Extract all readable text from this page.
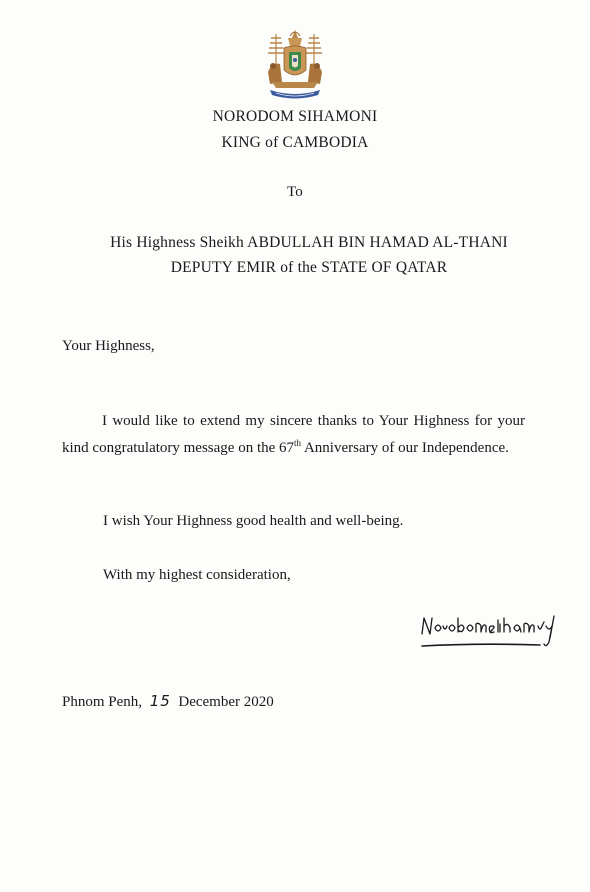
NORODOM SIHAMONI
KING of CAMBODIA
To
His Highness Sheikh ABDULLAH BIN HAMAD AL-THANI
DEPUTY EMIR of the STATE OF QATAR
Your Highness,
I would like to extend my sincere thanks to Your Highness for your kind congratulatory message on the 67th Anniversary of our Independence.
I wish Your Highness good health and well-being.
With my highest consideration,
Phnom Penh, 15 December 2020
